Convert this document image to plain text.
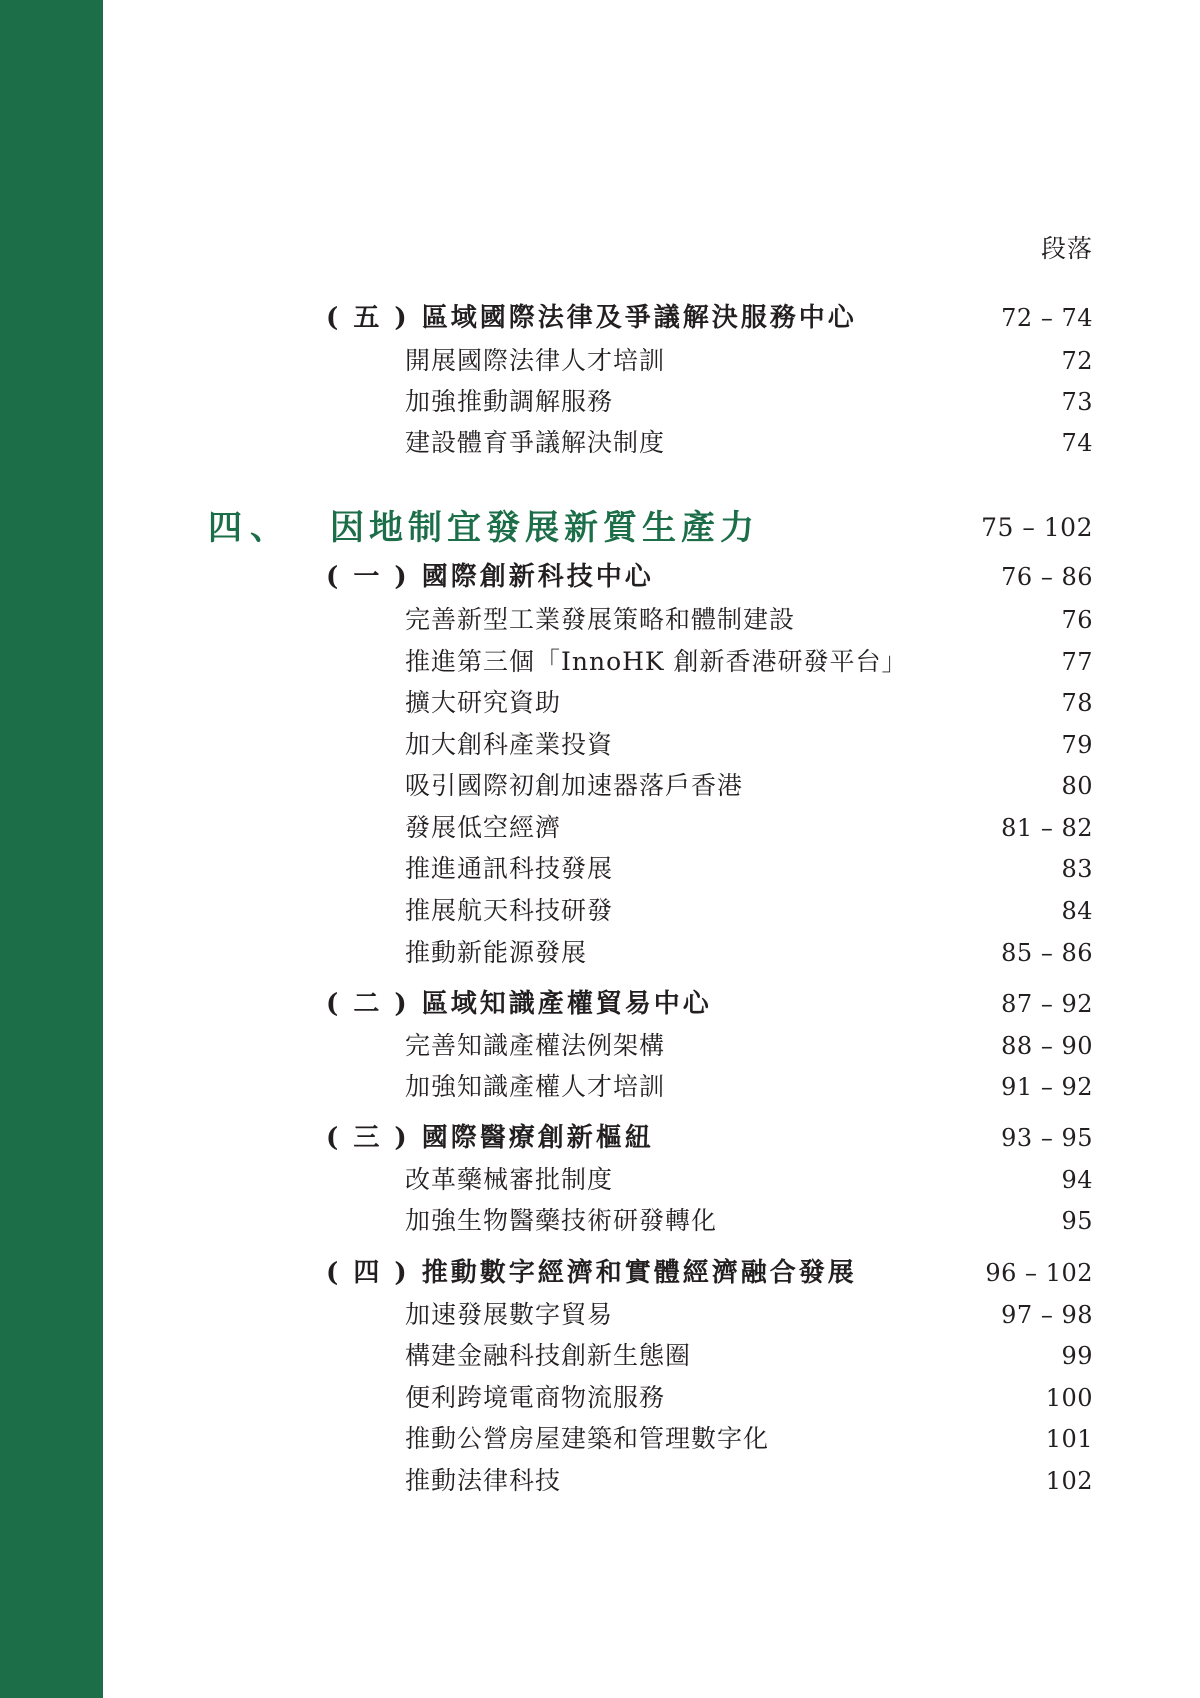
段落
( 五 ) 區域國際法律及爭議解決服務中心	72 – 74
開展國際法律人才培訓	72
加強推動調解服務	73
建設體育爭議解決制度	74
四、 因地制宜發展新質生產力	75 – 102
( 一 ) 國際創新科技中心	76 – 86
完善新型工業發展策略和體制建設	76
推進第三個「InnoHK 創新香港研發平台」	77
擴大研究資助	78
加大創科產業投資	79
吸引國際初創加速器落戶香港	80
發展低空經濟	81 – 82
推進通訊科技發展	83
推展航天科技研發	84
推動新能源發展	85 – 86
( 二 ) 區域知識產權貿易中心	87 – 92
完善知識產權法例架構	88 – 90
加強知識產權人才培訓	91 – 92
( 三 ) 國際醫療創新樞紐	93 – 95
改革藥械審批制度	94
加強生物醫藥技術研發轉化	95
( 四 ) 推動數字經濟和實體經濟融合發展	96 – 102
加速發展數字貿易	97 – 98
構建金融科技創新生態圈	99
便利跨境電商物流服務	100
推動公營房屋建築和管理數字化	101
推動法律科技	102
